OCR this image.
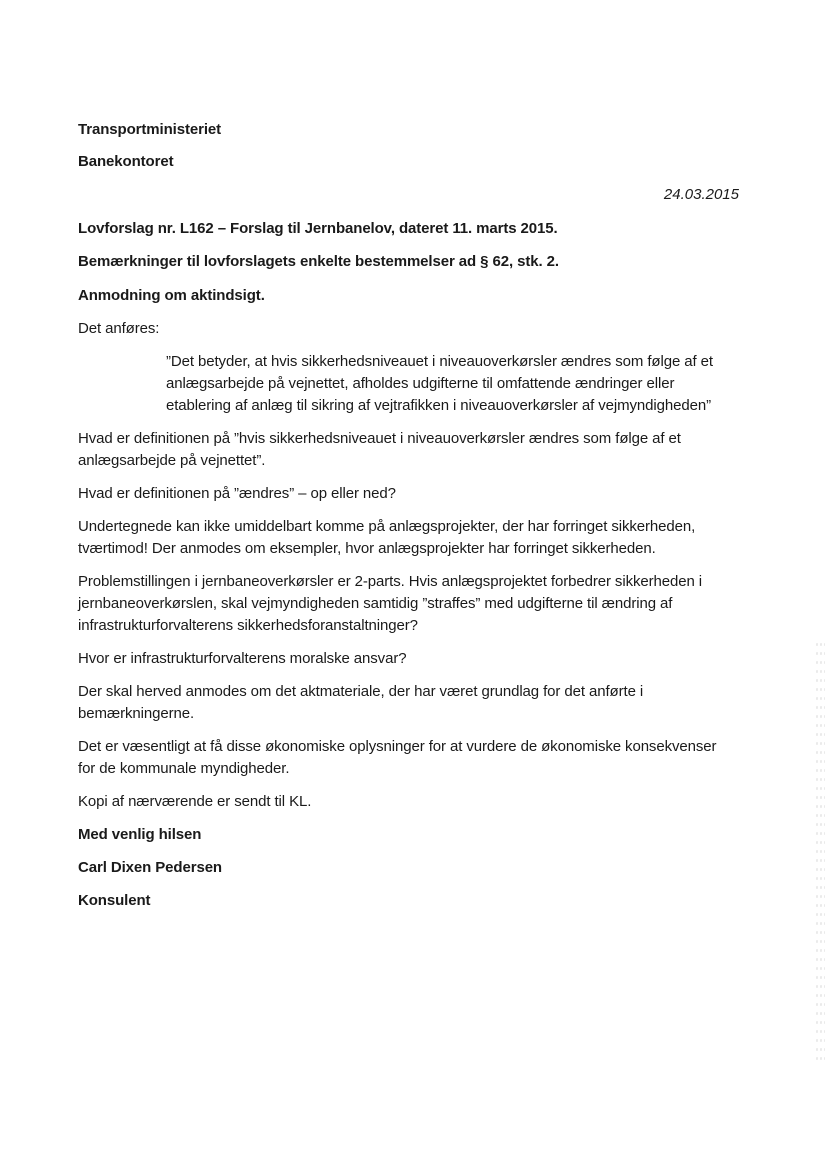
Transportministeriet
Banekontoret
24.03.2015
Lovforslag nr. L162 – Forslag til Jernbanelov, dateret 11. marts 2015.
Bemærkninger til lovforslagets enkelte bestemmelser ad § 62, stk. 2.
Anmodning om aktindsigt.
Det anføres:
”Det betyder, at hvis sikkerhedsniveauet i niveauoverkørsler ændres som følge af et
anlægsarbejde på vejnettet, afholdes udgifterne til omfattende ændringer eller
etablering af anlæg til sikring af vejtrafikken i niveauoverkørsler af vejmyndigheden”
Hvad er definitionen på ”hvis sikkerhedsniveauet i niveauoverkørsler ændres som følge af et
anlægsarbejde på vejnettet”.
Hvad er definitionen på ”ændres” – op eller ned?
Undertegnede kan ikke umiddelbart komme på anlægsprojekter, der har forringet sikkerheden,
tværtimod! Der anmodes om eksempler, hvor anlægsprojekter har forringet sikkerheden.
Problemstillingen i jernbaneoverkørsler er 2-parts. Hvis anlægsprojektet forbedrer sikkerheden i
jernbaneoverkørslen, skal vejmyndigheden samtidig ”straffes” med udgifterne til ændring af
infrastrukturforvalterens sikkerhedsforanstaltninger?
Hvor er infrastrukturforvalterens moralske ansvar?
Der skal herved anmodes om det aktmateriale, der har været grundlag for det anførte i
bemærkningerne.
Det er væsentligt at få disse økonomiske oplysninger for at vurdere de økonomiske konsekvenser
for de kommunale myndigheder.
Kopi af nærværende er sendt til KL.
Med venlig hilsen
Carl Dixen Pedersen
Konsulent
